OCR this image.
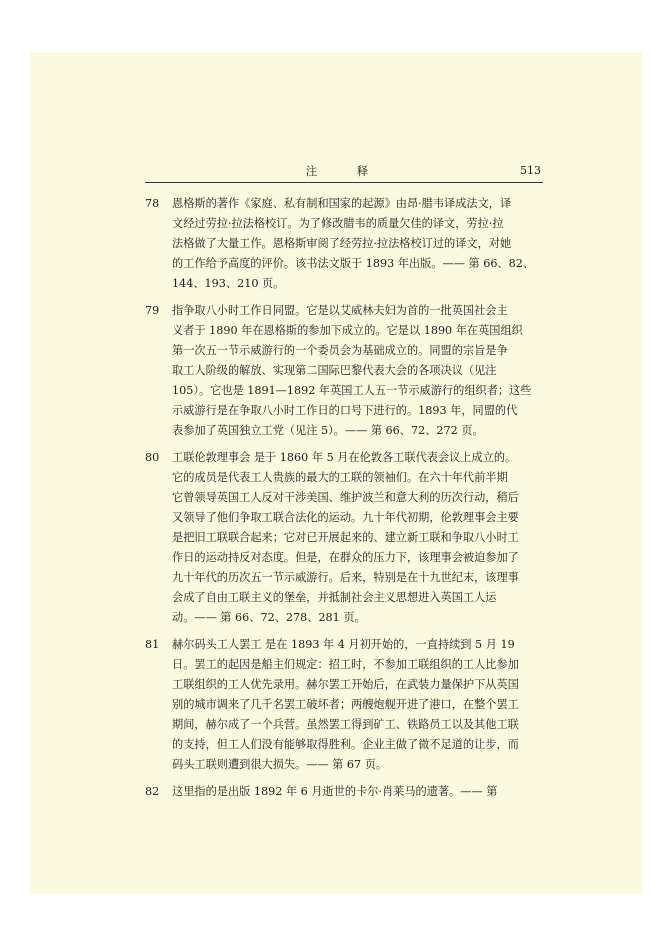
注　释	513
78 恩格斯的著作《家庭、私有制和国家的起源》由昂·腊韦译成法文，译
文经过劳拉·拉法格校订。为了修改腊韦的质量欠佳的译文，劳拉·拉
法格做了大量工作。恩格斯审阅了经劳拉·拉法格校订过的译文，对她
的工作给予高度的评价。该书法文版于 1893 年出版。—— 第 66、82、
144、193、210 页。
79 指争取八小时工作日同盟。它是以艾威林夫妇为首的一批英国社会主
义者于 1890 年在恩格斯的参加下成立的。它是以 1890 年在英国组织
第一次五一节示威游行的一个委员会为基础成立的。同盟的宗旨是争
取工人阶级的解放、实现第二国际巴黎代表大会的各项决议（见注
105）。它也是 1891—1892 年英国工人五一节示威游行的组织者；这些
示威游行是在争取八小时工作日的口号下进行的。1893 年，同盟的代
表参加了英国独立工党（见注 5）。—— 第 66、72、272 页。
80 工联伦敦理事会 是于 1860 年 5 月在伦敦各工联代表会议上成立的。
它的成员是代表工人贵族的最大的工联的领袖们。在六十年代前半期
它曾领导英国工人反对干涉美国、维护波兰和意大利的历次行动，稍后
又领导了他们争取工联合法化的运动。九十年代初期，伦敦理事会主要
是把旧工联联合起来；它对已开展起来的、建立新工联和争取八小时工
作日的运动持反对态度。但是，在群众的压力下，该理事会被迫参加了
九十年代的历次五一节示威游行。后来，特别是在十九世纪末，该理事
会成了自由工联主义的堡垒，并抵制社会主义思想进入英国工人运
动。—— 第 66、72、278、281 页。
81 赫尔码头工人罢工 是在 1893 年 4 月初开始的，一直持续到 5 月 19
日。罢工的起因是船主们规定：招工时，不参加工联组织的工人比参加
工联组织的工人优先录用。赫尔罢工开始后，在武装力量保护下从英国
别的城市调来了几千名罢工破坏者；两艘炮舰开进了港口，在整个罢工
期间，赫尔成了一个兵营。虽然罢工得到矿工、铁路员工以及其他工联
的支持，但工人们没有能够取得胜利。企业主做了微不足道的让步，而
码头工联则遭到很大损失。—— 第 67 页。
82 这里指的是出版 1892 年 6 月逝世的卡尔·肖莱马的遗著。—— 第
